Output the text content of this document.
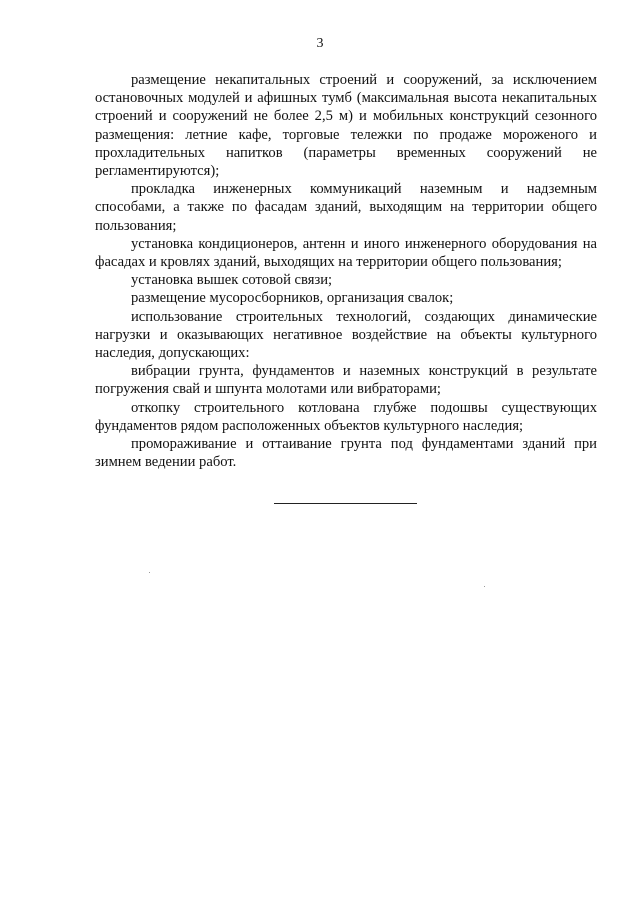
3

размещение некапитальных строений и сооружений, за исключением остановочных модулей и афишных тумб (максимальная высота некапитальных строений и сооружений не более 2,5 м) и мобильных конструкций сезонного размещения: летние кафе, торговые тележки по продаже мороженого и прохладительных напитков (параметры временных сооружений не регламентируются);

прокладка инженерных коммуникаций наземным и надземным способами, а также по фасадам зданий, выходящим на территории общего пользования;

установка кондиционеров, антенн и иного инженерного оборудования на фасадах и кровлях зданий, выходящих на территории общего пользования;

установка вышек сотовой связи;

размещение мусоросборников, организация свалок;

использование строительных технологий, создающих динамические нагрузки и оказывающих негативное воздействие на объекты культурного наследия, допускающих:

вибрации грунта, фундаментов и наземных конструкций в результате погружения свай и шпунта молотами или вибраторами;

откопку строительного котлована глубже подошвы существующих фундаментов рядом расположенных объектов культурного наследия;

промораживание и оттаивание грунта под фундаментами зданий при зимнем ведении работ.
